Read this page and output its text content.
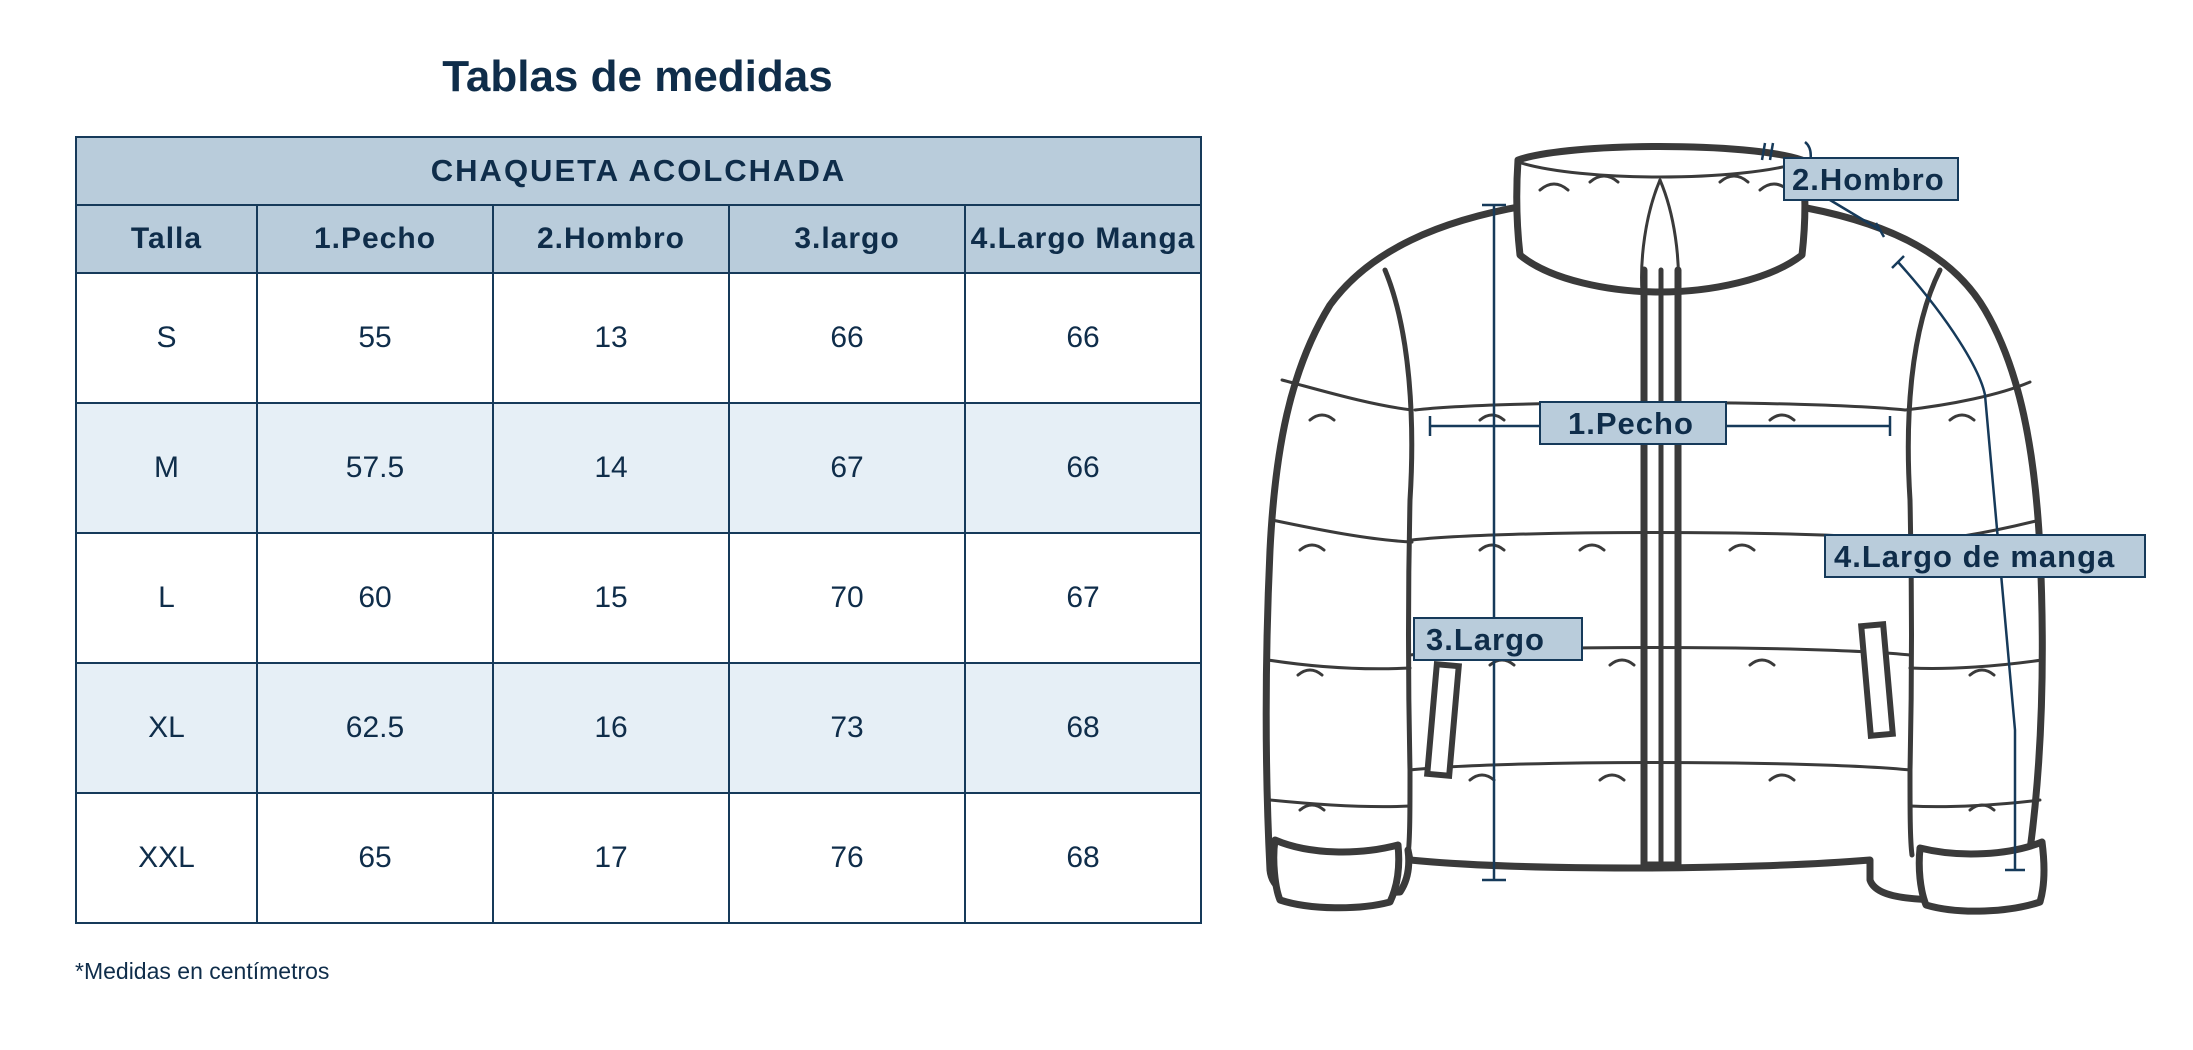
Tablas de medidas
CHAQUETA ACOLCHADA				
Talla	1.Pecho	2.Hombro	3.largo	4.Largo Manga
S	55	13	66	66
M	57.5	14	67	66
L	60	15	70	67
XL	62.5	16	73	68
XXL	65	17	76	68
*Medidas en centímetros
2.Hombro
1.Pecho
4.Largo de manga
3.Largo
